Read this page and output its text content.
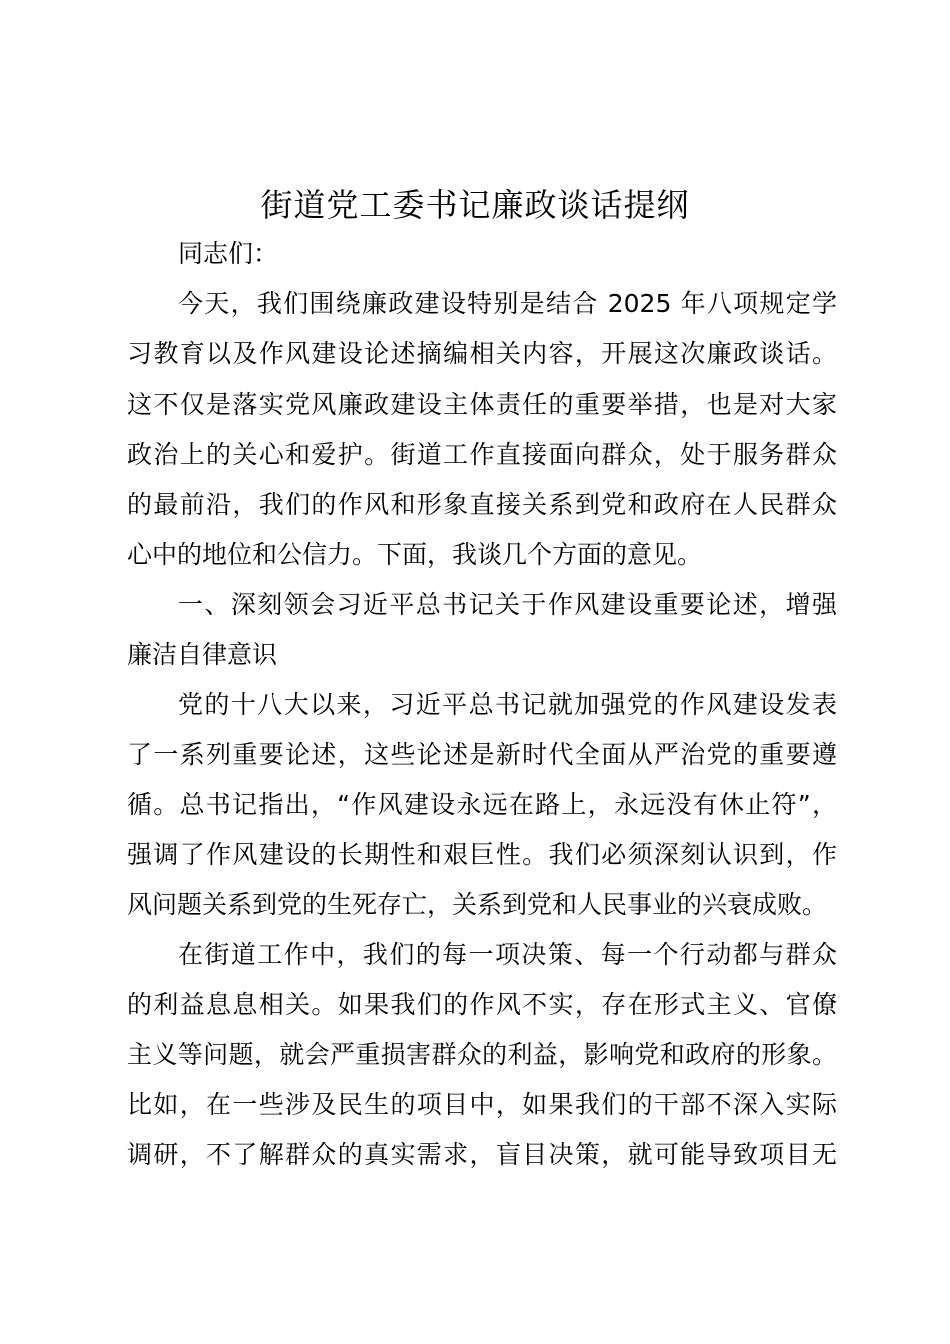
街道党工委书记廉政谈话提纲
同志们：
今天，我们围绕廉政建设特别是结合 2025 年八项规定学
习教育以及作风建设论述摘编相关内容，开展这次廉政谈话。
这不仅是落实党风廉政建设主体责任的重要举措，也是对大家
政治上的关心和爱护。街道工作直接面向群众，处于服务群众
的最前沿，我们的作风和形象直接关系到党和政府在人民群众
心中的地位和公信力。下面，我谈几个方面的意见。
一、深刻领会习近平总书记关于作风建设重要论述，增强
廉洁自律意识
党的十八大以来，习近平总书记就加强党的作风建设发表
了一系列重要论述，这些论述是新时代全面从严治党的重要遵
循。总书记指出，“作风建设永远在路上，永远没有休止符”，
强调了作风建设的长期性和艰巨性。我们必须深刻认识到，作
风问题关系到党的生死存亡，关系到党和人民事业的兴衰成败。
在街道工作中，我们的每一项决策、每一个行动都与群众
的利益息息相关。如果我们的作风不实，存在形式主义、官僚
主义等问题，就会严重损害群众的利益，影响党和政府的形象。
比如，在一些涉及民生的项目中，如果我们的干部不深入实际
调研，不了解群众的真实需求，盲目决策，就可能导致项目无
